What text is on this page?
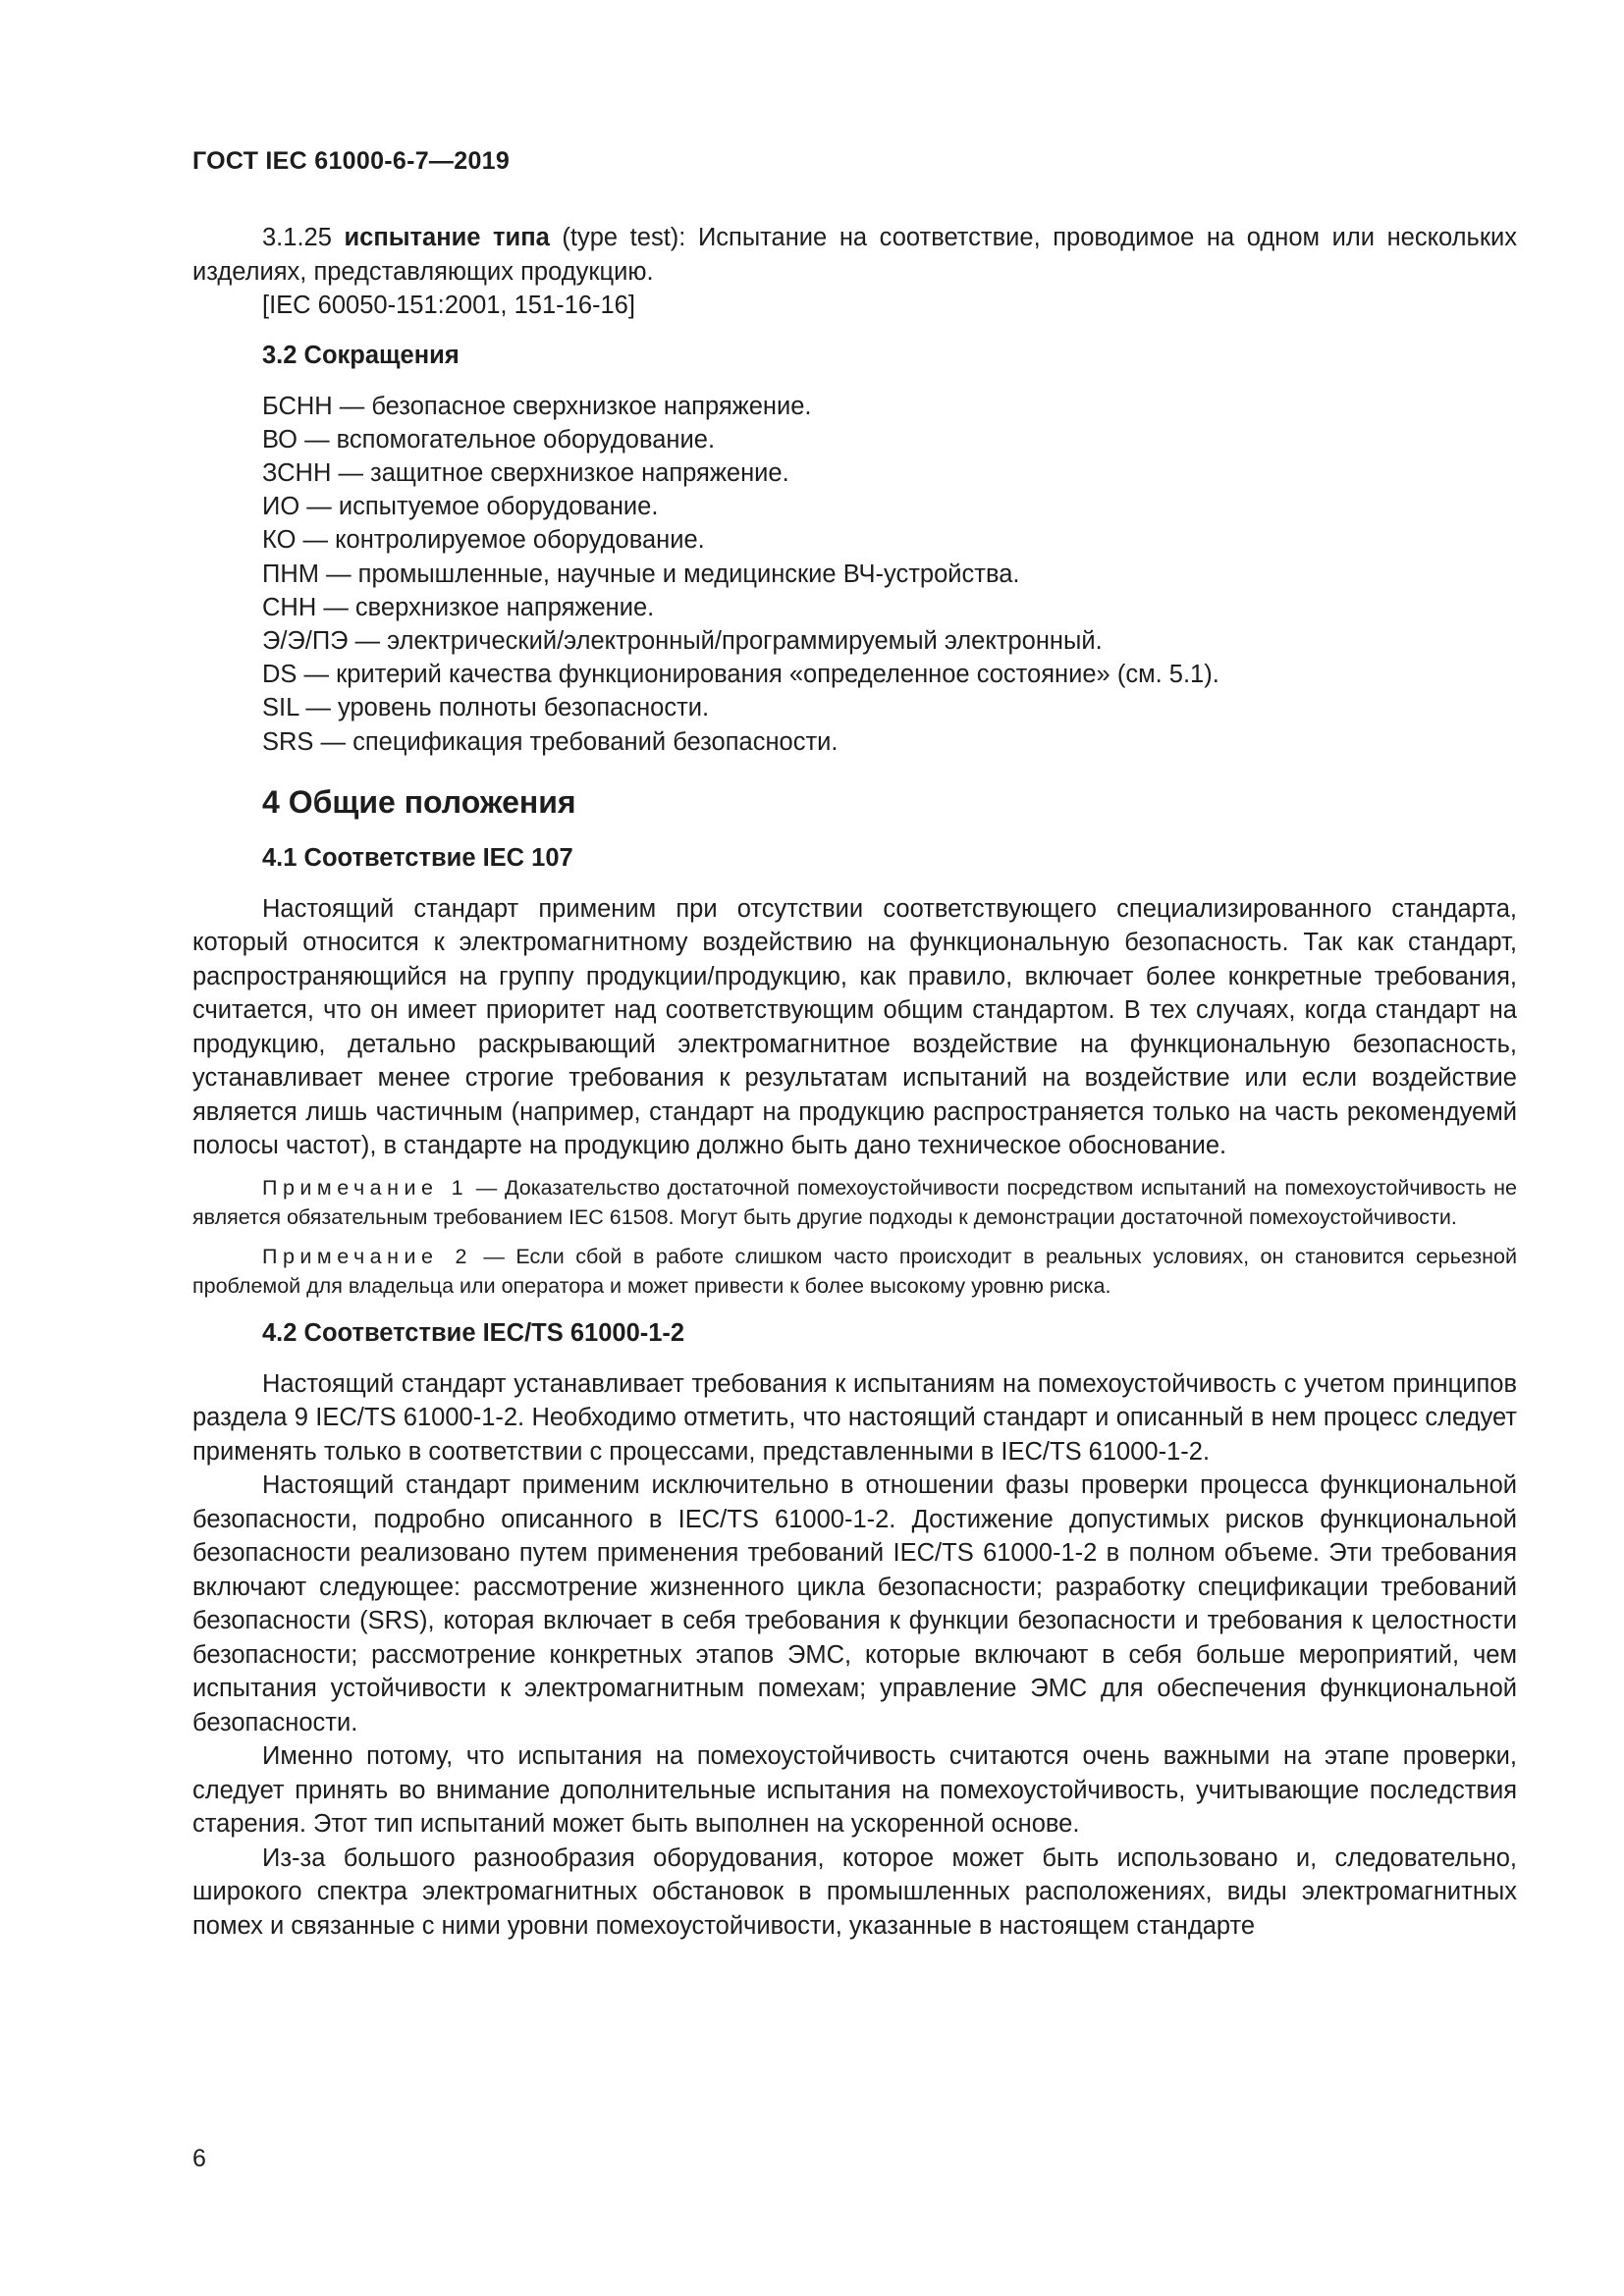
ГОСТ IEC 61000-6-7—2019

3.1.25 испытание типа (type test): Испытание на соответствие, проводимое на одном или нескольких изделиях, представляющих продукцию.

[IEC 60050-151:2001, 151-16-16]

3.2 Сокращения
БСНН — безопасное сверхнизкое напряжение.
ВО — вспомогательное оборудование.
ЗСНН — защитное сверхнизкое напряжение.
ИО — испытуемое оборудование.
КО — контролируемое оборудование.
ПНМ — промышленные, научные и медицинские ВЧ-устройства.
СНН — сверхнизкое напряжение.
Э/Э/ПЭ — электрический/электронный/программируемый электронный.
DS — критерий качества функционирования «определенное состояние» (см. 5.1).
SIL — уровень полноты безопасности.
SRS — спецификация требований безопасности.
4 Общие положения
4.1 Соответствие IEC 107

Настоящий стандарт применим при отсутствии соответствующего специализированного стандарта, который относится к электромагнитному воздействию на функциональную безопасность. Так как стандарт, распространяющийся на группу продукции/продукцию, как правило, включает более конкретные требования, считается, что он имеет приоритет над соответствующим общим стандартом. В тех случаях, когда стандарт на продукцию, детально раскрывающий электромагнитное воздействие на функциональную безопасность, устанавливает менее строгие требования к результатам испытаний на воздействие или если воздействие является лишь частичным (например, стандарт на продукцию распространяется только на часть рекомендуемй полосы частот), в стандарте на продукцию должно быть дано техническое обоснование.

Примечание 1 — Доказательство достаточной помехоустойчивости посредством испытаний на помехоустойчивость не является обязательным требованием IEC 61508. Могут быть другие подходы к демонстрации достаточной помехоустойчивости.

Примечание 2 — Если сбой в работе слишком часто происходит в реальных условиях, он становится серьезной проблемой для владельца или оператора и может привести к более высокому уровню риска.

4.2 Соответствие IEC/TS 61000-1-2

Настоящий стандарт устанавливает требования к испытаниям на помехоустойчивость с учетом принципов раздела 9 IEC/TS 61000-1-2. Необходимо отметить, что настоящий стандарт и описанный в нем процесс следует применять только в соответствии с процессами, представленными в IEC/TS 61000-1-2.

Настоящий стандарт применим исключительно в отношении фазы проверки процесса функциональной безопасности, подробно описанного в IEC/TS 61000-1-2. Достижение допустимых рисков функциональной безопасности реализовано путем применения требований IEC/TS 61000-1-2 в полном объеме. Эти требования включают следующее: рассмотрение жизненного цикла безопасности; разработку спецификации требований безопасности (SRS), которая включает в себя требования к функции безопасности и требования к целостности безопасности; рассмотрение конкретных этапов ЭМС, которые включают в себя больше мероприятий, чем испытания устойчивости к электромагнитным помехам; управление ЭМС для обеспечения функциональной безопасности.

Именно потому, что испытания на помехоустойчивость считаются очень важными на этапе проверки, следует принять во внимание дополнительные испытания на помехоустойчивость, учитывающие последствия старения. Этот тип испытаний может быть выполнен на ускоренной основе.

Из-за большого разнообразия оборудования, которое может быть использовано и, следовательно, широкого спектра электромагнитных обстановок в промышленных расположениях, виды электромагнитных помех и связанные с ними уровни помехоустойчивости, указанные в настоящем стандарте

6
